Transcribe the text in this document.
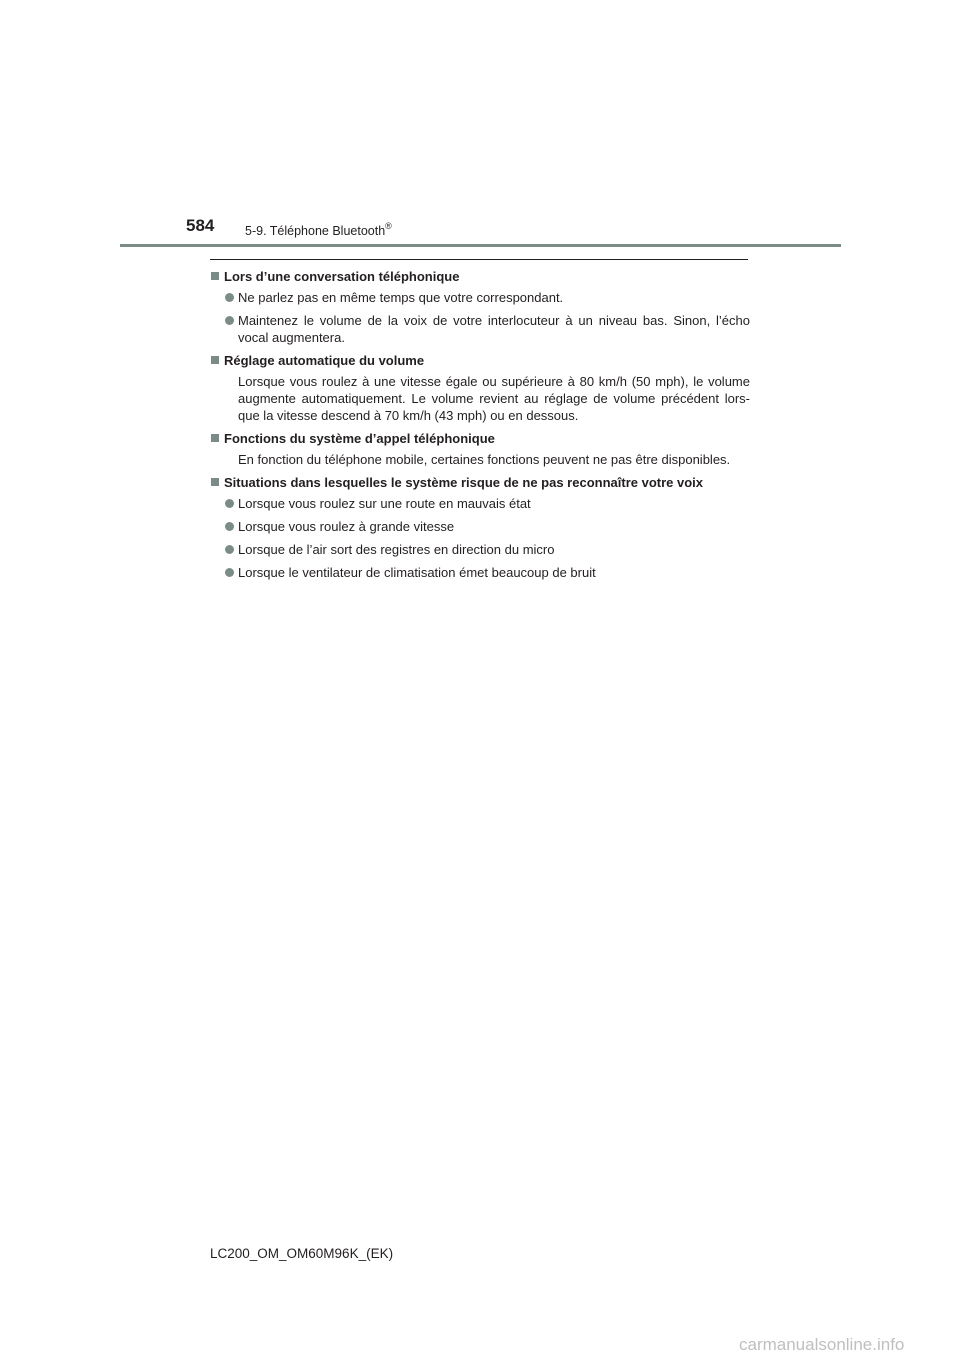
584 5-9. Téléphone Bluetooth®
Lors d’une conversation téléphonique
Ne parlez pas en même temps que votre correspondant.
Maintenez le volume de la voix de votre interlocuteur à un niveau bas. Sinon, l’écho
vocal augmentera.
Réglage automatique du volume
Lorsque vous roulez à une vitesse égale ou supérieure à 80 km/h (50 mph), le volume
augmente automatiquement. Le volume revient au réglage de volume précédent lors-
que la vitesse descend à 70 km/h (43 mph) ou en dessous.
Fonctions du système d’appel téléphonique
En fonction du téléphone mobile, certaines fonctions peuvent ne pas être disponibles.
Situations dans lesquelles le système risque de ne pas reconnaître votre voix
Lorsque vous roulez sur une route en mauvais état
Lorsque vous roulez à grande vitesse
Lorsque de l’air sort des registres en direction du micro
Lorsque le ventilateur de climatisation émet beaucoup de bruit
LC200_OM_OM60M96K_(EK)
carmanualsonline.info
